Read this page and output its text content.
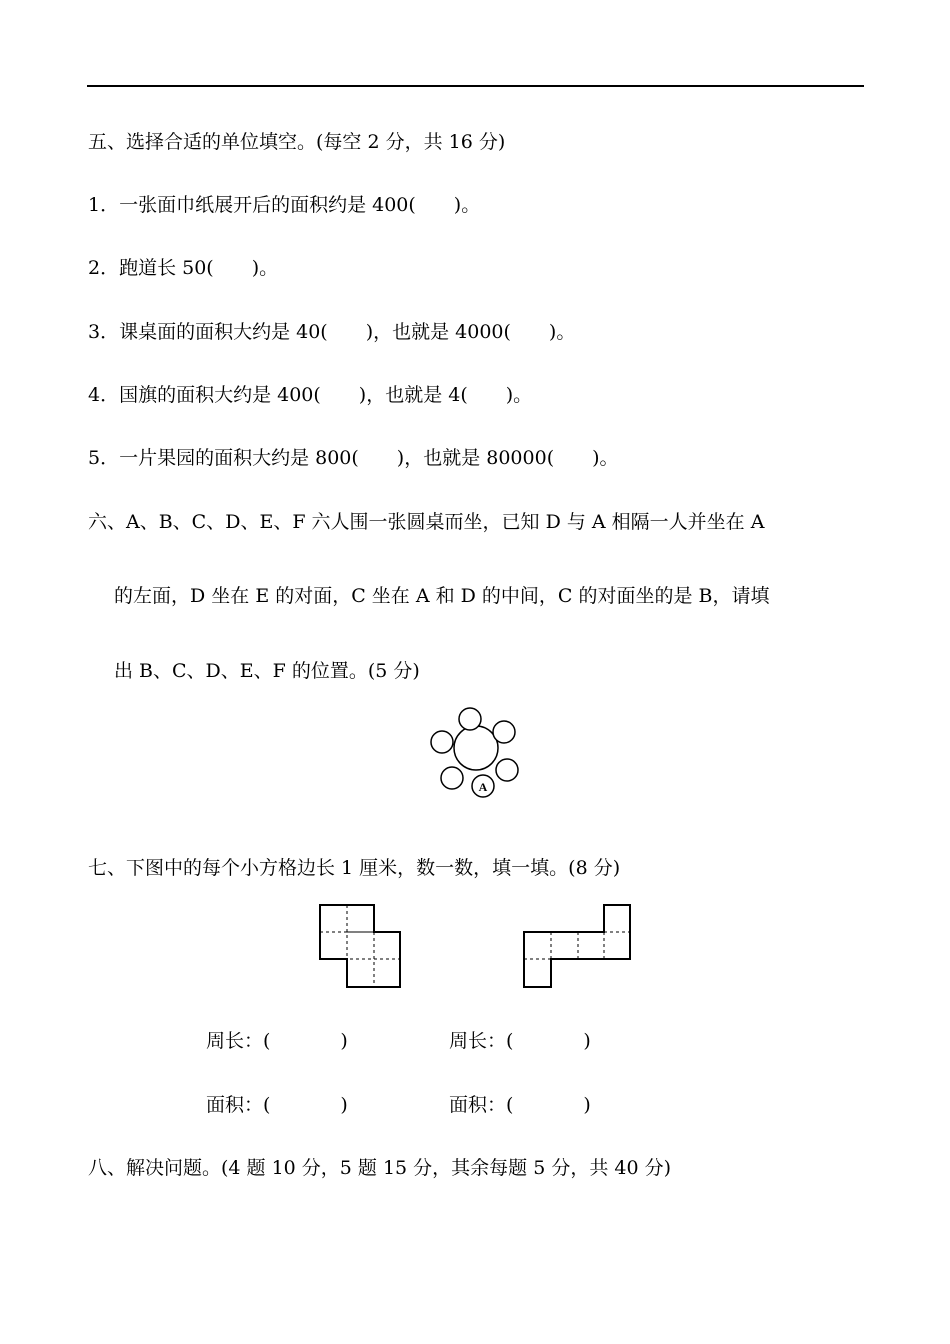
五、选择合适的单位填空。(每空 2 分，共 16 分)
1．一张面巾纸展开后的面积约是 400(　　)。
2．跑道长 50(　　)。
3．课桌面的面积大约是 40(　　)，也就是 4000(　　)。
4．国旗的面积大约是 400(　　)，也就是 4(　　)。
5．一片果园的面积大约是 800(　　)，也就是 80000(　　)。
六、A、B、C、D、E、F 六人围一张圆桌而坐，已知 D 与 A 相隔一人并坐在 A
的左面，D 坐在 E 的对面，C 坐在 A 和 D 的中间，C 的对面坐的是 B，请填
出 B、C、D、E、F 的位置。(5 分)
A
七、下图中的每个小方格边长 1 厘米，数一数，填一填。(8 分)
周长：(	)	周长：(	)
面积：(	)	面积：(	)
八、解决问题。(4 题 10 分，5 题 15 分，其余每题 5 分，共 40 分)
